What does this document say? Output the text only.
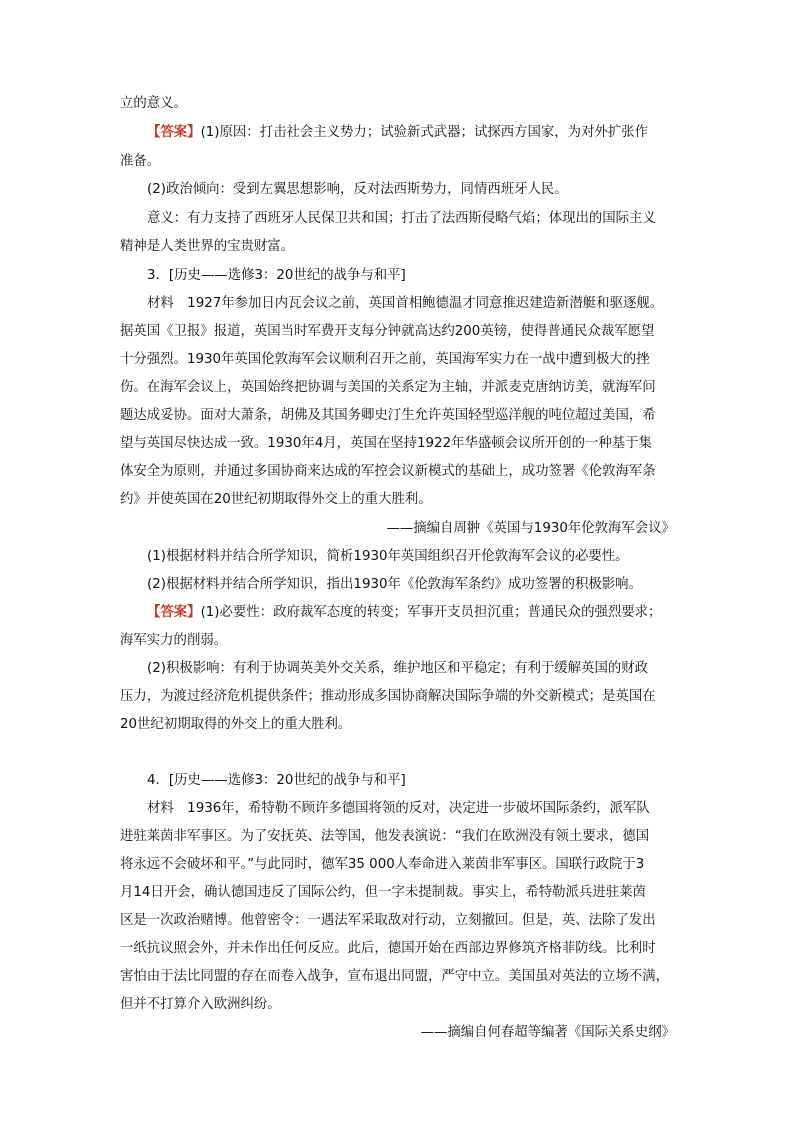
立的意义。
【答案】(1)原因：打击社会主义势力；试验新式武器；试探西方国家，为对外扩张作
准备。
(2)政治倾向：受到左翼思想影响，反对法西斯势力，同情西班牙人民。
意义：有力支持了西班牙人民保卫共和国；打击了法西斯侵略气焰；体现出的国际主义
精神是人类世界的宝贵财富。
3．[历史——选修3：20世纪的战争与和平]
材料　1927年参加日内瓦会议之前，英国首相鲍德温才同意推迟建造新潜艇和驱逐舰。
据英国《卫报》报道，英国当时军费开支每分钟就高达约200英镑，使得普通民众裁军愿望
十分强烈。1930年英国伦敦海军会议顺利召开之前，英国海军实力在一战中遭到极大的挫
伤。在海军会议上，英国始终把协调与美国的关系定为主轴，并派麦克唐纳访美，就海军问
题达成妥协。面对大萧条，胡佛及其国务卿史汀生允许英国轻型巡洋舰的吨位超过美国，希
望与英国尽快达成一致。1930年4月，英国在坚持1922年华盛顿会议所开创的一种基于集
体安全为原则，并通过多国协商来达成的军控会议新模式的基础上，成功签署《伦敦海军条
约》并使英国在20世纪初期取得外交上的重大胜利。
——摘编自周翀《英国与1930年伦敦海军会议》
(1)根据材料并结合所学知识，简析1930年英国组织召开伦敦海军会议的必要性。
(2)根据材料并结合所学知识，指出1930年《伦敦海军条约》成功签署的积极影响。
【答案】(1)必要性：政府裁军态度的转变；军事开支员担沉重；普通民众的强烈要求；
海军实力的削弱。
(2)积极影响：有利于协调英美外交关系，维护地区和平稳定；有利于缓解英国的财政
压力，为渡过经济危机提供条件；推动形成多国协商解决国际争端的外交新模式；是英国在
20世纪初期取得的外交上的重大胜利。
4．[历史——选修3：20世纪的战争与和平]
材料　1936年，希特勒不顾许多德国将领的反对，决定进一步破坏国际条约，派军队
进驻莱茵非军事区。为了安抚英、法等国，他发表演说：“我们在欧洲没有领土要求，德国
将永远不会破坏和平。”与此同时，德军35 000人奉命进入莱茵非军事区。国联行政院于3
月14日开会，确认德国违反了国际公约，但一字未提制裁。事实上，希特勒派兵进驻莱茵
区是一次政治赌博。他曾密令：一遇法军采取敌对行动，立刻撤回。但是，英、法除了发出
一纸抗议照会外，并未作出任何反应。此后，德国开始在西部边界修筑齐格菲防线。比利时
害怕由于法比同盟的存在而卷入战争，宣布退出同盟，严守中立。美国虽对英法的立场不满，
但并不打算介入欧洲纠纷。
——摘编自何春超等编著《国际关系史纲》
